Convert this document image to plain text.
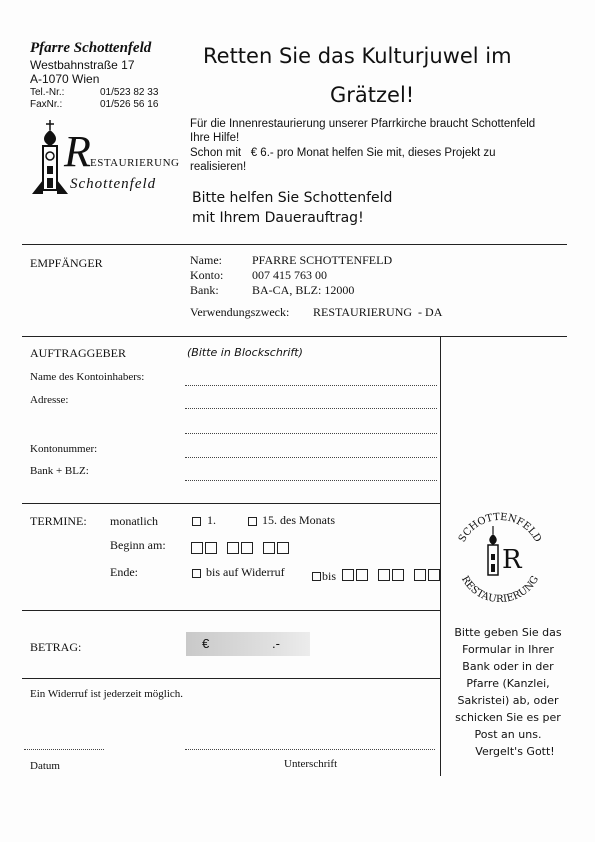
Pfarre Schottenfeld
Westbahnstraße 17
A-1070 Wien
Tel.-Nr.:	01/523 82 33
FaxNr.:	01/526 56 16
R ESTAURIERUNG
Schottenfeld
Retten Sie das Kulturjuwel im
Grätzel!
Für die Innenrestaurierung unserer Pfarrkirche braucht Schottenfeld
Ihre Hilfe!
Schon mit   € 6.- pro Monat helfen Sie mit, dieses Projekt zu
realisieren!
Bitte helfen Sie Schottenfeld
mit Ihrem Dauerauftrag!
EMPFÄNGER	Name:	PFARRE SCHOTTENFELD
Konto: 007 415 763 00
Bank:	BA-CA, BLZ: 12000
Verwendungszweck: RESTAURIERUNG  - DA
AUFTRAGGEBER	(Bitte in Blockschrift)
Name des Kontoinhabers:
Adresse:
Kontonummer:
Bank + BLZ:
TERMINE: monatlich	1.	15. des Monats
Beginn am:
Ende:	bis auf Widerruf	bis
SCHOTTENFELD
RESTAURIERUNG
R
BETRAG:	€	.-
Bitte geben Sie das
Formular in Ihrer
Bank oder in der
Pfarre (Kanzlei,
Sakristei) ab, oder
schicken Sie es per
Post an uns.
Vergelt's Gott!
Ein Widerruf ist jederzeit möglich.
Datum	Unterschrift
